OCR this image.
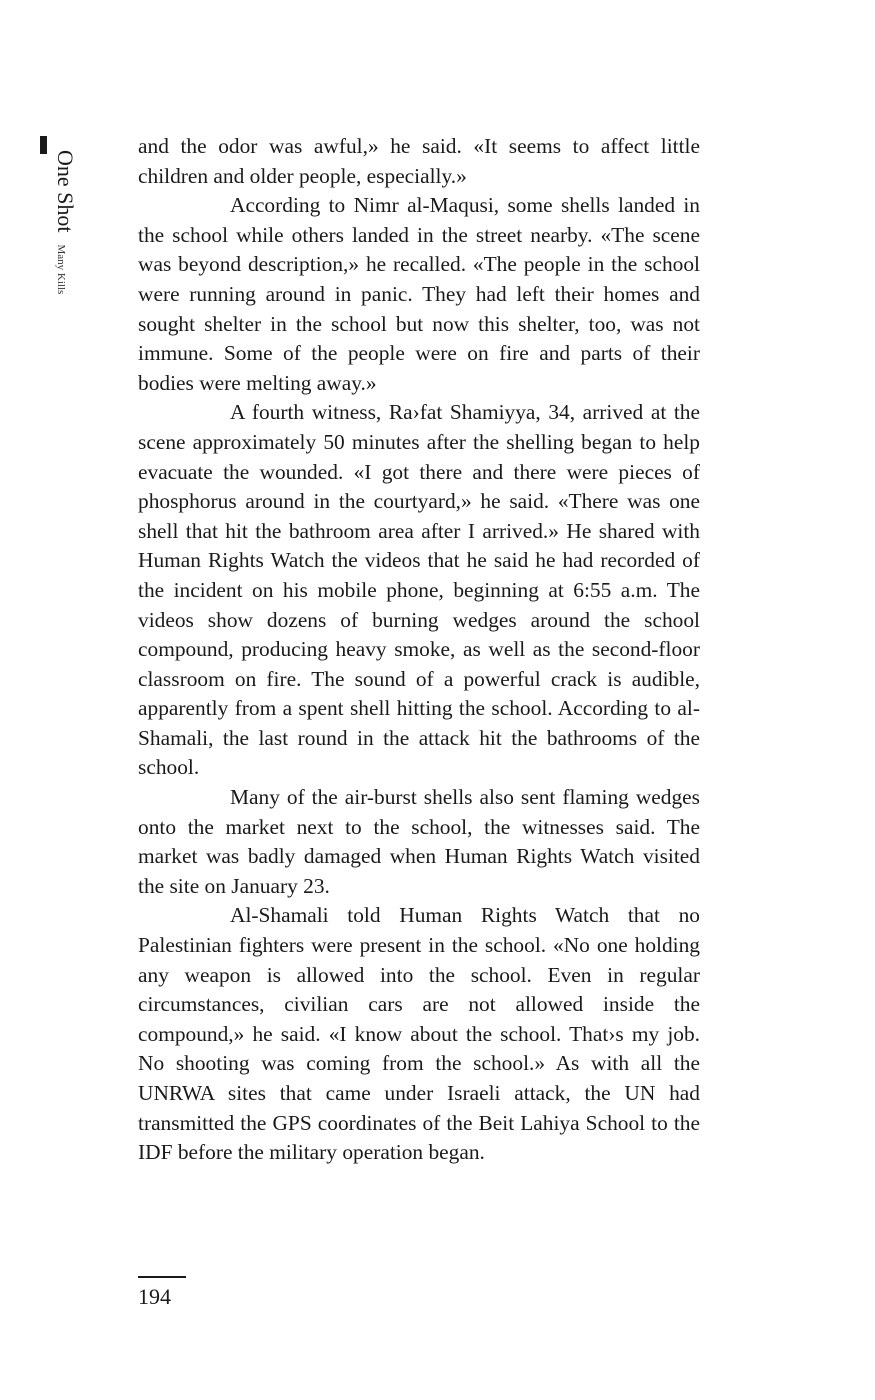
One Shot
Many Kills

and the odor was awful,» he said. «It seems to affect little children and older people, especially.»

According to Nimr al-Maqusi, some shells landed in the school while others landed in the street nearby. «The scene was beyond description,» he recalled. «The people in the school were running around in panic. They had left their homes and sought shelter in the school but now this shelter, too, was not immune. Some of the people were on fire and parts of their bodies were melting away.»

A fourth witness, Ra›fat Shamiyya, 34, arrived at the scene approximately 50 minutes after the shelling began to help evacuate the wounded. «I got there and there were pieces of phosphorus around in the courtyard,» he said. «There was one shell that hit the bathroom area after I arrived.» He shared with Human Rights Watch the videos that he said he had recorded of the incident on his mobile phone, beginning at 6:55 a.m. The videos show dozens of burning wedges around the school compound, producing heavy smoke, as well as the second-floor classroom on fire. The sound of a powerful crack is audible, apparently from a spent shell hitting the school. According to al-Shamali, the last round in the attack hit the bathrooms of the school.

Many of the air-burst shells also sent flaming wedges onto the market next to the school, the witnesses said. The market was badly damaged when Human Rights Watch visited the site on January 23.

Al-Shamali told Human Rights Watch that no Palestinian fighters were present in the school. «No one holding any weapon is allowed into the school. Even in regular circumstances, civilian cars are not allowed inside the compound,» he said. «I know about the school. That›s my job. No shooting was coming from the school.» As with all the UNRWA sites that came under Israeli attack, the UN had transmitted the GPS coordinates of the Beit Lahiya School to the IDF before the military operation began.

194
